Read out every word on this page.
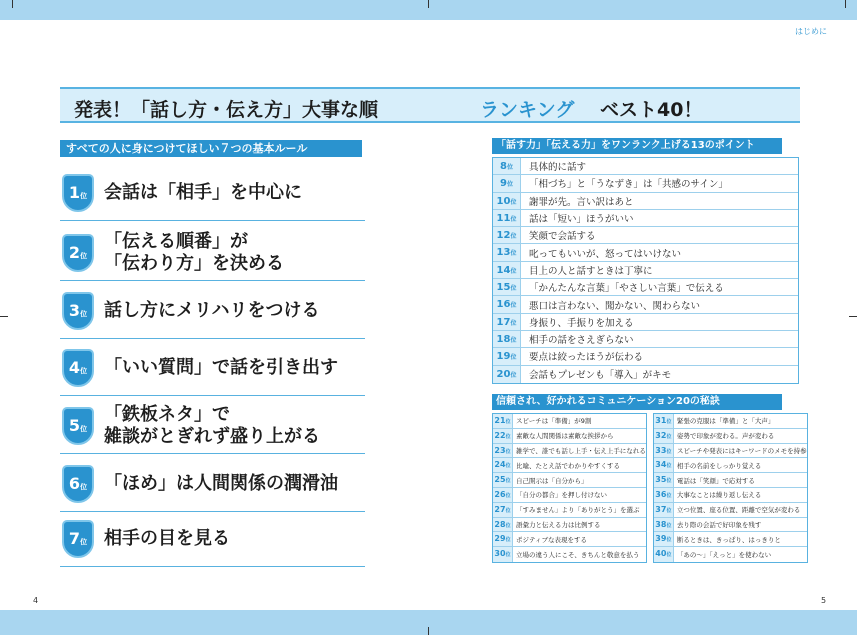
はじめに
発表！「話し方・伝え方」大事な順	ランキング ベスト40！
すべての人に身につけてほしい７つの基本ルール
1位 会話は「相手」を中心に
2位
「伝える順番」が
「伝わり方」を決める
3位 話し方にメリハリをつける
4位 「いい質問」で話を引き出す
5位
「鉄板ネタ」で
雑談がとぎれず盛り上がる
6位 「ほめ」は人間関係の潤滑油
7位 相手の目を見る
「話す力」「伝える力」をワンランク上げる13のポイント
8位	具体的に話す
9位	「相づち」と「うなずき」は「共感のサイン」
10位	謝罪が先。言い訳はあと
11位	話は「短い」ほうがいい
12位	笑顔で会話する
13位	叱ってもいいが、怒ってはいけない
14位	目上の人と話すときは丁寧に
15位	「かんたんな言葉」「やさしい言葉」で伝える
16位	悪口は言わない、聞かない、関わらない
17位	身振り、手振りを加える
18位	相手の話をさえぎらない
19位	要点は絞ったほうが伝わる
20位	会話もプレゼンも「導入」がキモ
信頼され、好かれるコミュニケーション20の秘訣
21位 スピーチは「準備」が9割
22位 素敵な人間関係は素敵な挨拶から
23位 雑学で、誰でも話し上手・伝え上手になれる
24位 比喩、たとえ話でわかりやすくする
25位 自己開示は「自分から」
26位 「自分の都合」を押し付けない
27位 「すみません」より「ありがとう」を選ぶ
28位 語彙力と伝える力は比例する
29位 ポジティブな表現をする
30位 立場の違う人にこそ、きちんと敬意を払う
31位 緊張の克服は「準備」と「大声」
32位 姿勢で印象が変わる。声が変わる
33位 スピーチや発表にはキーワードのメモを持参
34位 相手の名前をしっかり覚える
35位 電話は「笑顔」で応対する
36位 大事なことは繰り返し伝える
37位 立つ位置、座る位置、距離で空気が変わる
38位 去り際の会話で好印象を残す
39位 断るときは、きっぱり、はっきりと
40位 「あの～」「えっと」を使わない
4	5
